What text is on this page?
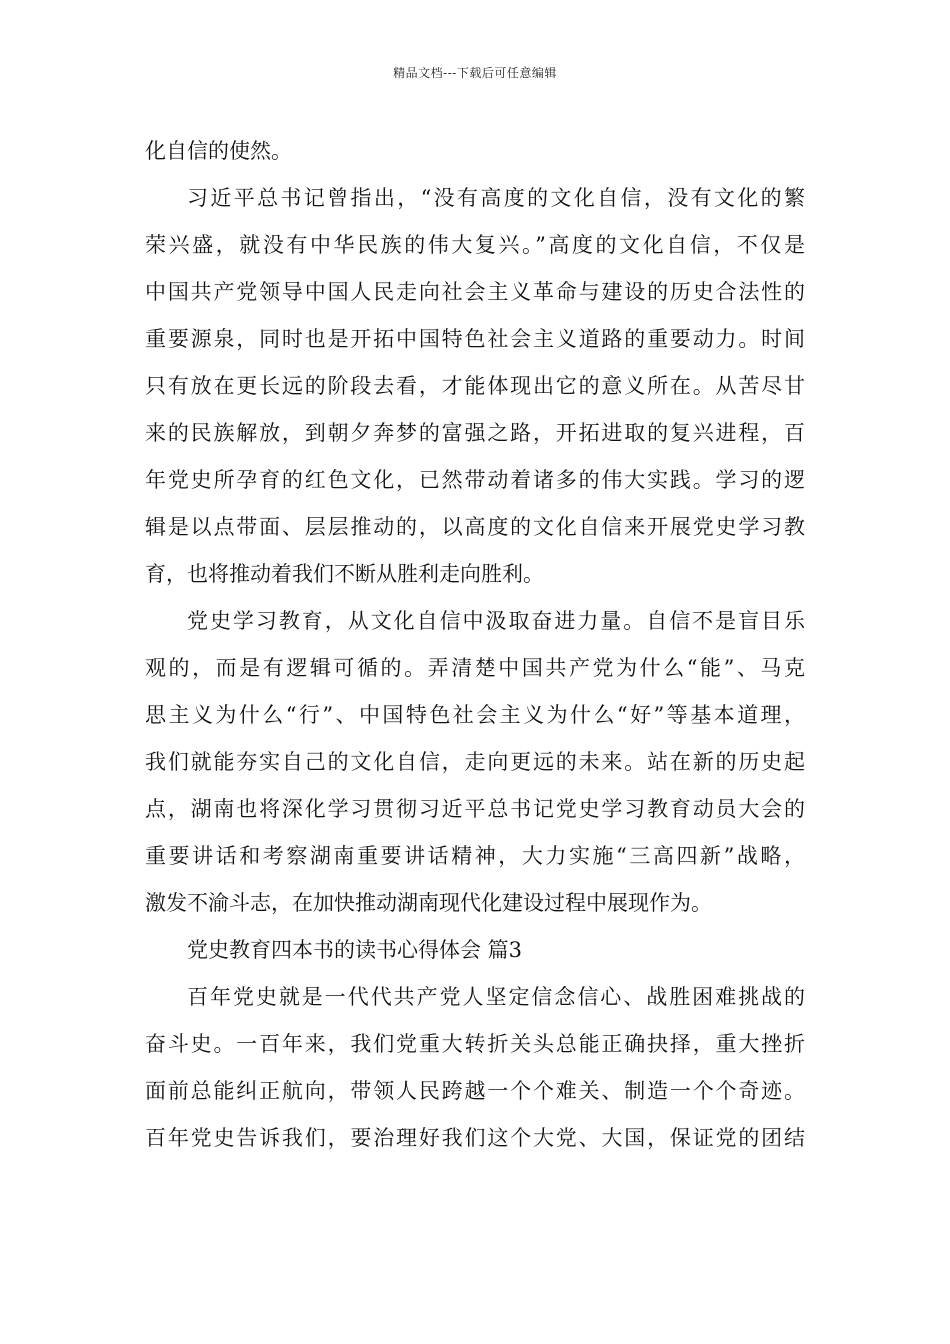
精品文档---下载后可任意编辑
化自信的使然。
习近平总书记曾指出，“没有高度的文化自信，没有文化的繁
荣兴盛，就没有中华民族的伟大复兴。”高度的文化自信，不仅是
中国共产党领导中国人民走向社会主义革命与建设的历史合法性的
重要源泉，同时也是开拓中国特色社会主义道路的重要动力。时间
只有放在更长远的阶段去看，才能体现出它的意义所在。从苦尽甘
来的民族解放，到朝夕奔梦的富强之路，开拓进取的复兴进程，百
年党史所孕育的红色文化，已然带动着诸多的伟大实践。学习的逻
辑是以点带面、层层推动的，以高度的文化自信来开展党史学习教
育，也将推动着我们不断从胜利走向胜利。
党史学习教育，从文化自信中汲取奋进力量。自信不是盲目乐
观的，而是有逻辑可循的。弄清楚中国共产党为什么“能”、马克
思主义为什么“行”、中国特色社会主义为什么“好”等基本道理，
我们就能夯实自己的文化自信，走向更远的未来。站在新的历史起
点，湖南也将深化学习贯彻习近平总书记党史学习教育动员大会的
重要讲话和考察湖南重要讲话精神，大力实施“三高四新”战略，
激发不渝斗志，在加快推动湖南现代化建设过程中展现作为。
党史教育四本书的读书心得体会 篇3
百年党史就是一代代共产党人坚定信念信心、战胜困难挑战的
奋斗史。一百年来，我们党重大转折关头总能正确抉择，重大挫折
面前总能纠正航向，带领人民跨越一个个难关、制造一个个奇迹。
百年党史告诉我们，要治理好我们这个大党、大国，保证党的团结
